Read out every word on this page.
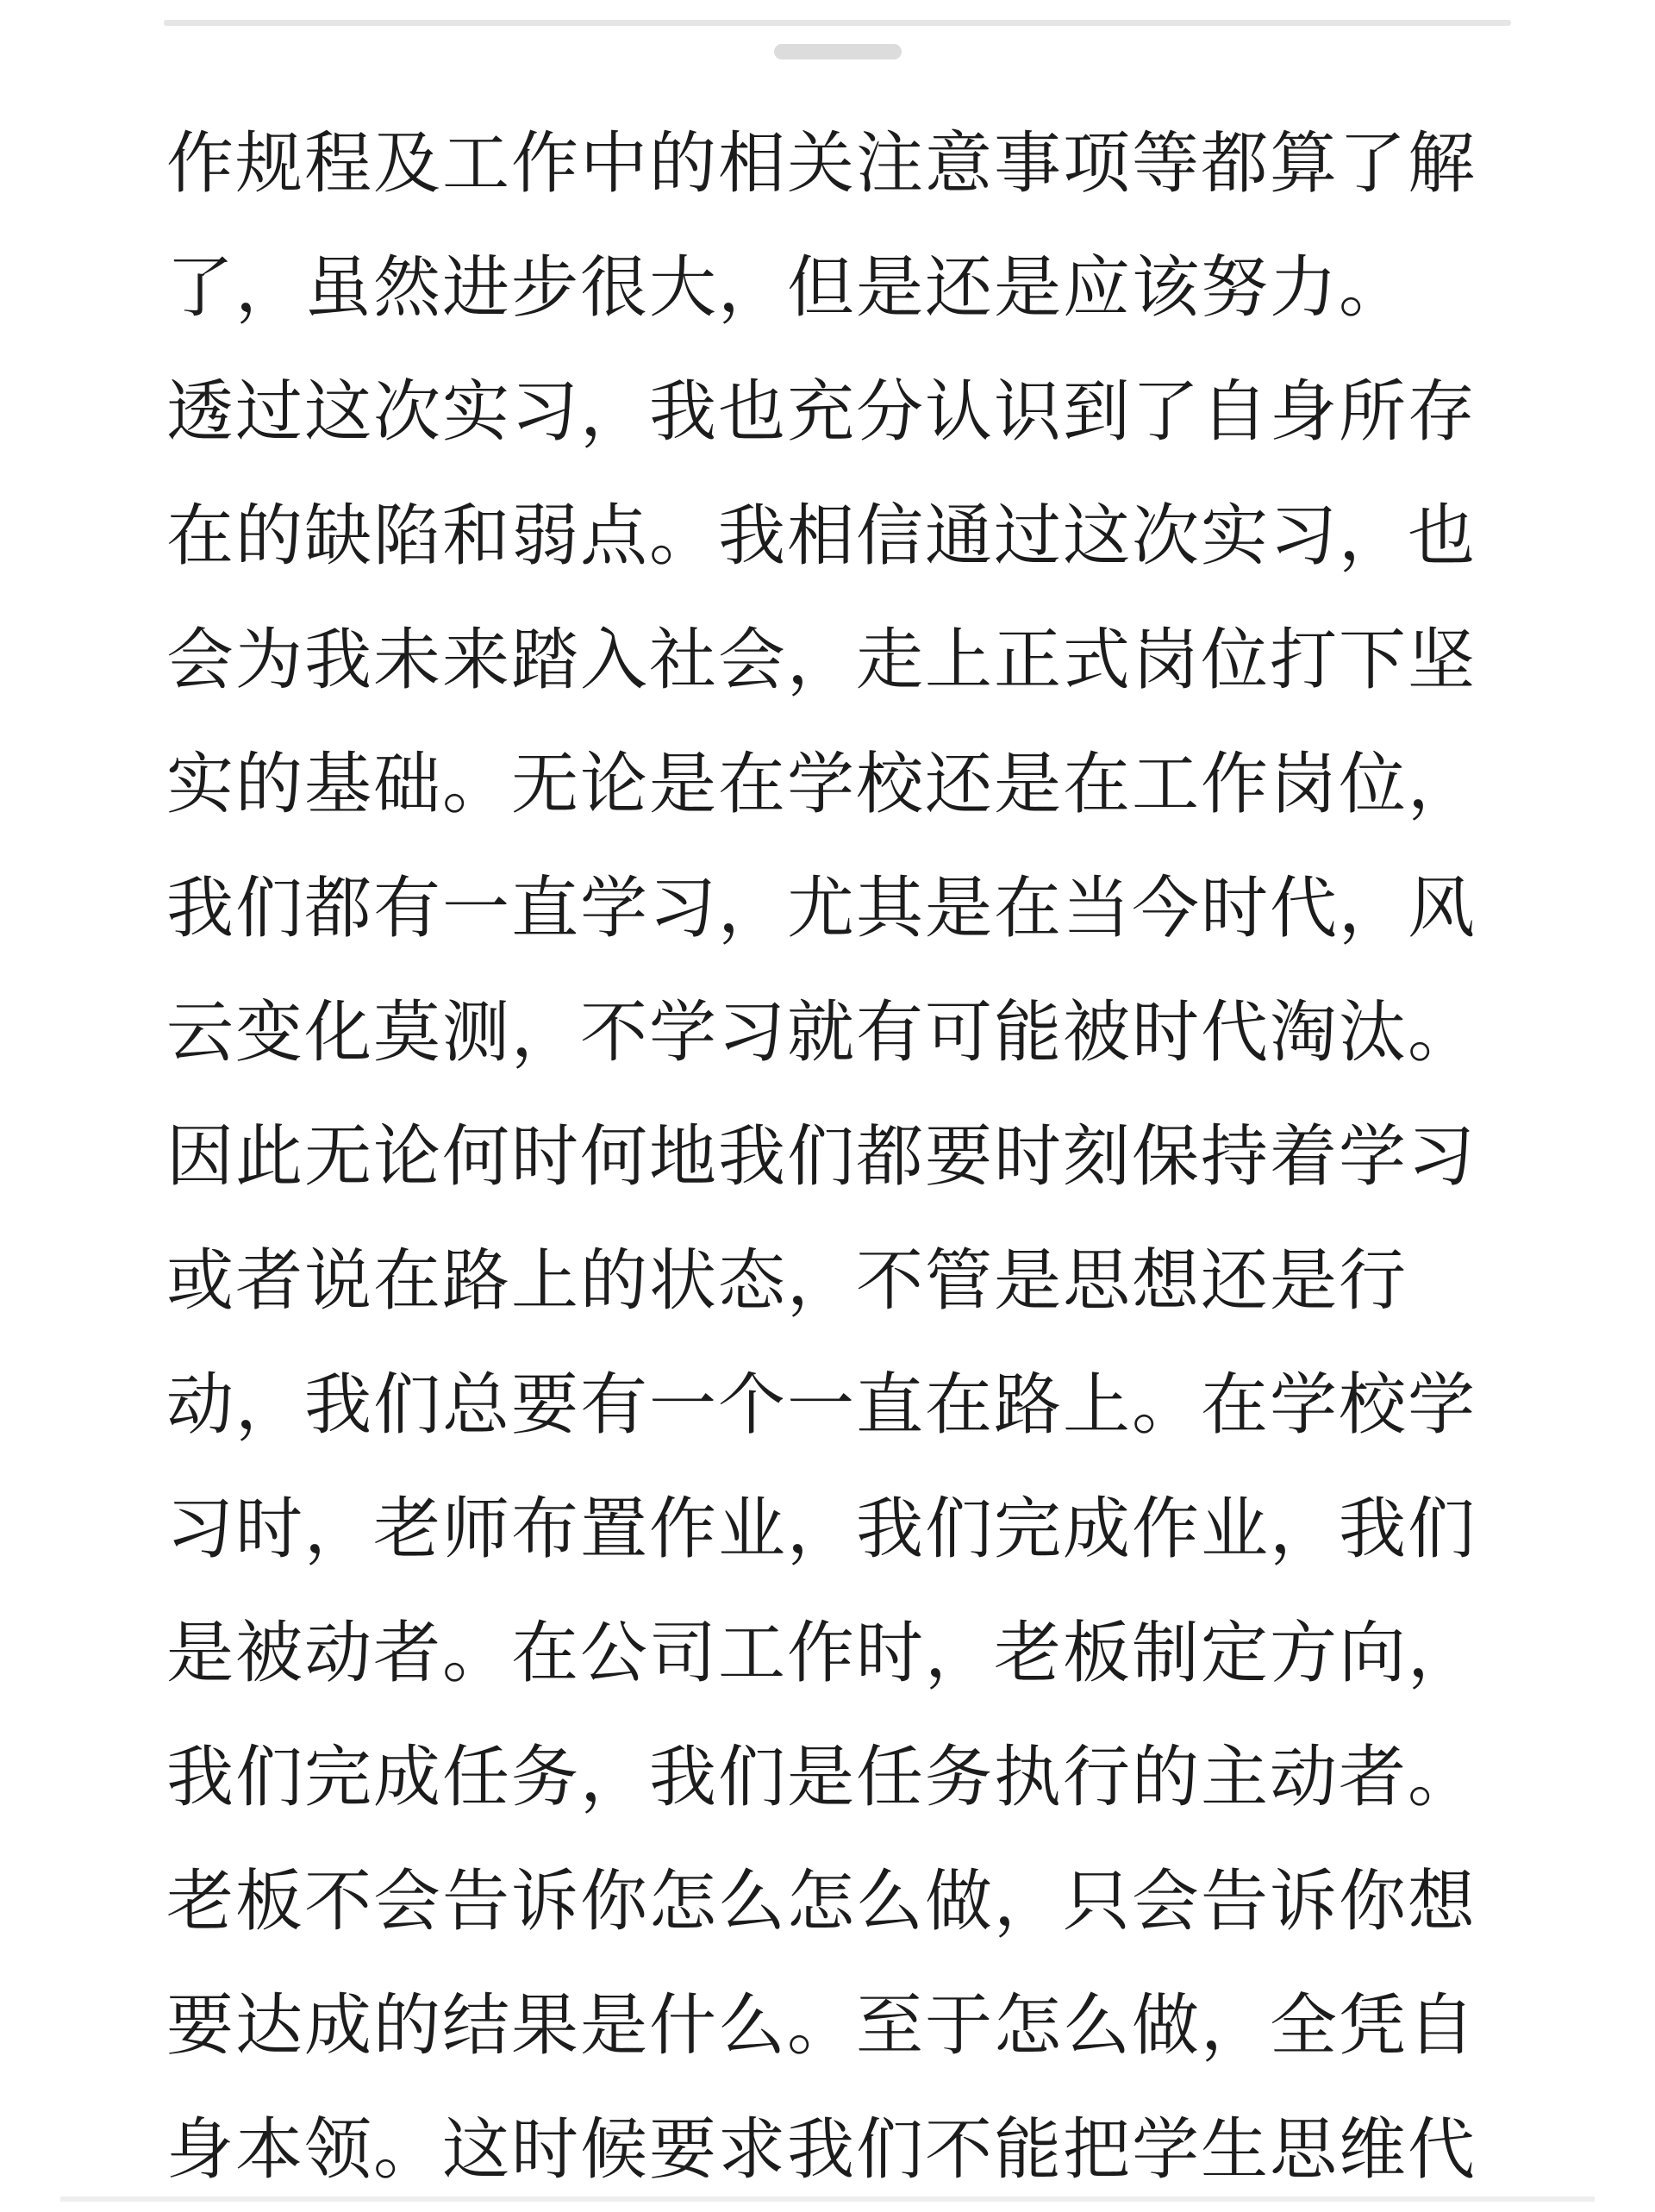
作规程及工作中的相关注意事项等都算了解
了，虽然进步很大，但是还是应该努力。
透过这次实习，我也充分认识到了自身所存
在的缺陷和弱点。我相信通过这次实习，也
会为我未来踏入社会，走上正式岗位打下坚
实的基础。无论是在学校还是在工作岗位，
我们都有一直学习，尤其是在当今时代，风
云变化莫测，不学习就有可能被时代淘汰。
因此无论何时何地我们都要时刻保持着学习
或者说在路上的状态，不管是思想还是行
动，我们总要有一个一直在路上。在学校学
习时，老师布置作业，我们完成作业，我们
是被动者。在公司工作时，老板制定方向，
我们完成任务，我们是任务执行的主动者。
老板不会告诉你怎么怎么做，只会告诉你想
要达成的结果是什么。至于怎么做，全凭自
身本领。这时候要求我们不能把学生思维代
